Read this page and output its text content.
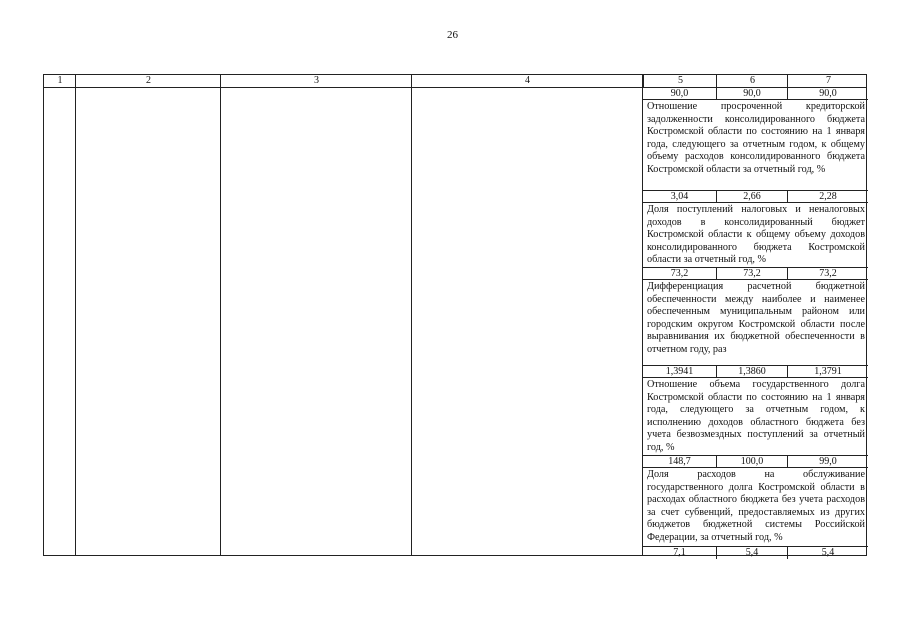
26
1	2	3	4	5	6	7
90,0	90,0	90,0
Отношение просроченной кредиторской задолженности консолидированного бюджета Костромской области по состоянию на 1 января года, следующего за отчетным годом, к общему объему расходов консолидированного бюджета Костромской области за отчетный год, %
3,04	2,66	2,28
Доля поступлений налоговых и неналоговых доходов в консолидированный бюджет Костромской области к общему объему доходов консолидированного бюджета Костромской области за отчетный год, %
73,2	73,2	73,2
Дифференциация расчетной бюджетной обеспеченности между наиболее и наименее обеспеченным муниципальным районом или городским округом Костромской области после выравнивания их бюджетной обеспеченности в отчетном году, раз
1,3941	1,3860	1,3791
Отношение объема государственного долга Костромской области по состоянию на 1 января года, следующего за отчетным годом, к исполнению доходов областного бюджета без учета безвозмездных поступлений за отчетный год, %
148,7	100,0	99,0
Доля расходов на обслуживание государственного долга Костромской области в расходах областного бюджета без учета расходов за счет субвенций, предоставляемых из других бюджетов бюджетной системы Российской Федерации, за отчетный год, %
7,1	5,4	5,4
